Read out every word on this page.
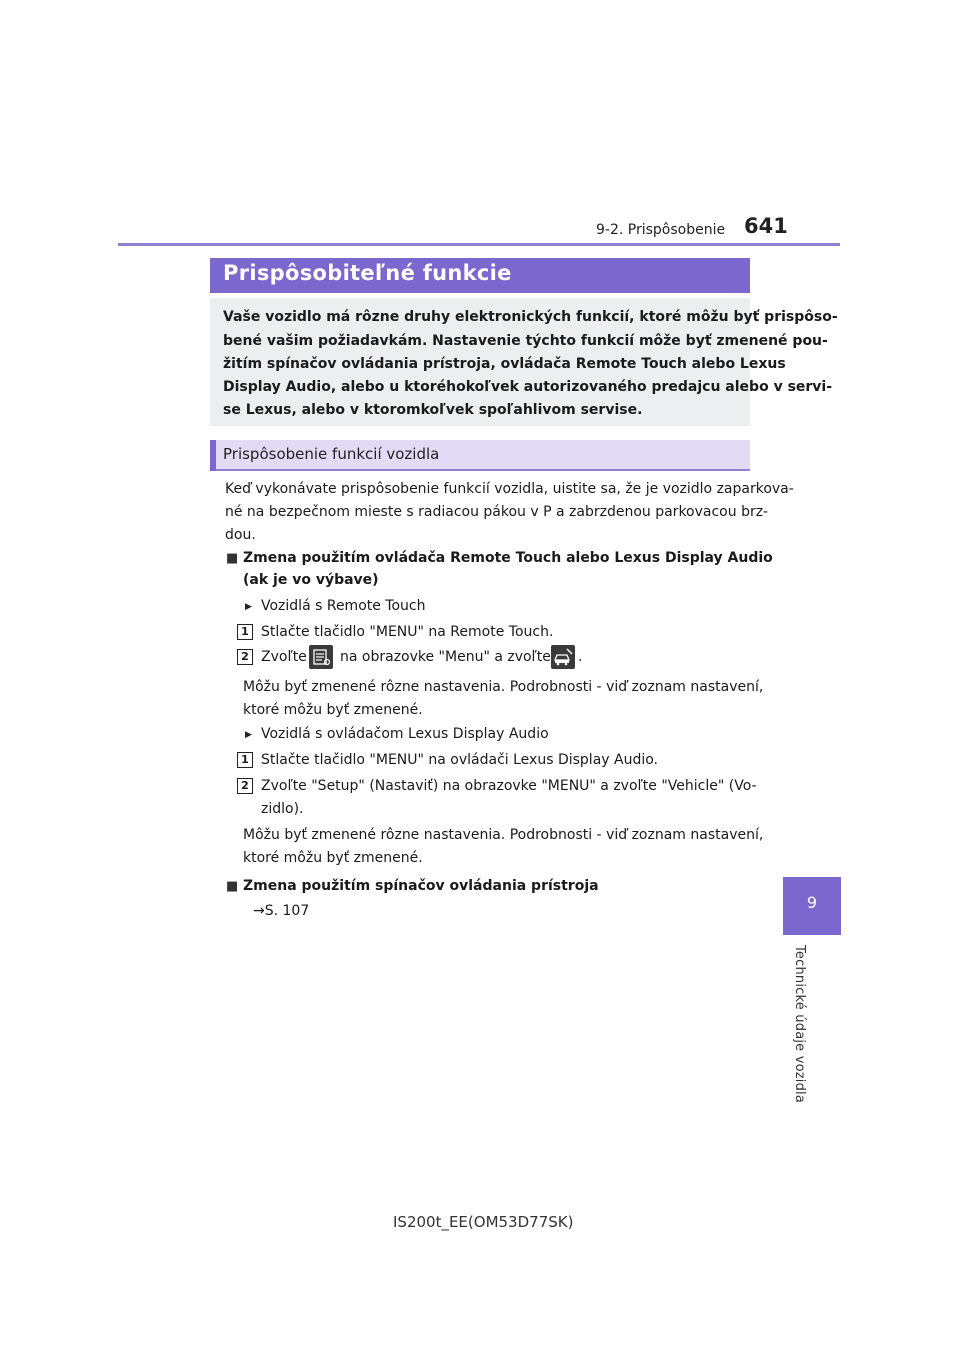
9-2. Prispôsobenie 641
Prispôsobiteľné funkcie
Vaše vozidlo má rôzne druhy elektronických funkcií, ktoré môžu byť prispôso-
bené vašim požiadavkám. Nastavenie týchto funkcií môže byť zmenené pou-
žitím spínačov ovládania prístroja, ovládača Remote Touch alebo Lexus
Display Audio, alebo u ktoréhokoľvek autorizovaného predajcu alebo v servi-
se Lexus, alebo v ktoromkoľvek spoľahlivom servise.
Prispôsobenie funkcií vozidla
Keď vykonávate prispôsobenie funkcií vozidla, uistite sa, že je vozidlo zaparkova-
né na bezpečnom mieste s radiacou pákou v P a zabrzdenou parkovacou brz-
dou.
■ Zmena použitím ovládača Remote Touch alebo Lexus Display Audio
(ak je vo výbave)
▶ Vozidlá s Remote Touch
1 Stlačte tlačidlo "MENU" na Remote Touch.
2 Zvoľte na obrazovke "Menu" a zvoľte .
Môžu byť zmenené rôzne nastavenia. Podrobnosti - viď zoznam nastavení,
ktoré môžu byť zmenené.
▶ Vozidlá s ovládačom Lexus Display Audio
1 Stlačte tlačidlo "MENU" na ovládači Lexus Display Audio.
2 Zvoľte "Setup" (Nastaviť) na obrazovke "MENU" a zvoľte "Vehicle" (Vo-
zidlo).
Môžu byť zmenené rôzne nastavenia. Podrobnosti - viď zoznam nastavení,
ktoré môžu byť zmenené.
■ Zmena použitím spínačov ovládania prístroja
→S. 107	9
Technické údaje vozidla
IS200t_EE(OM53D77SK)
